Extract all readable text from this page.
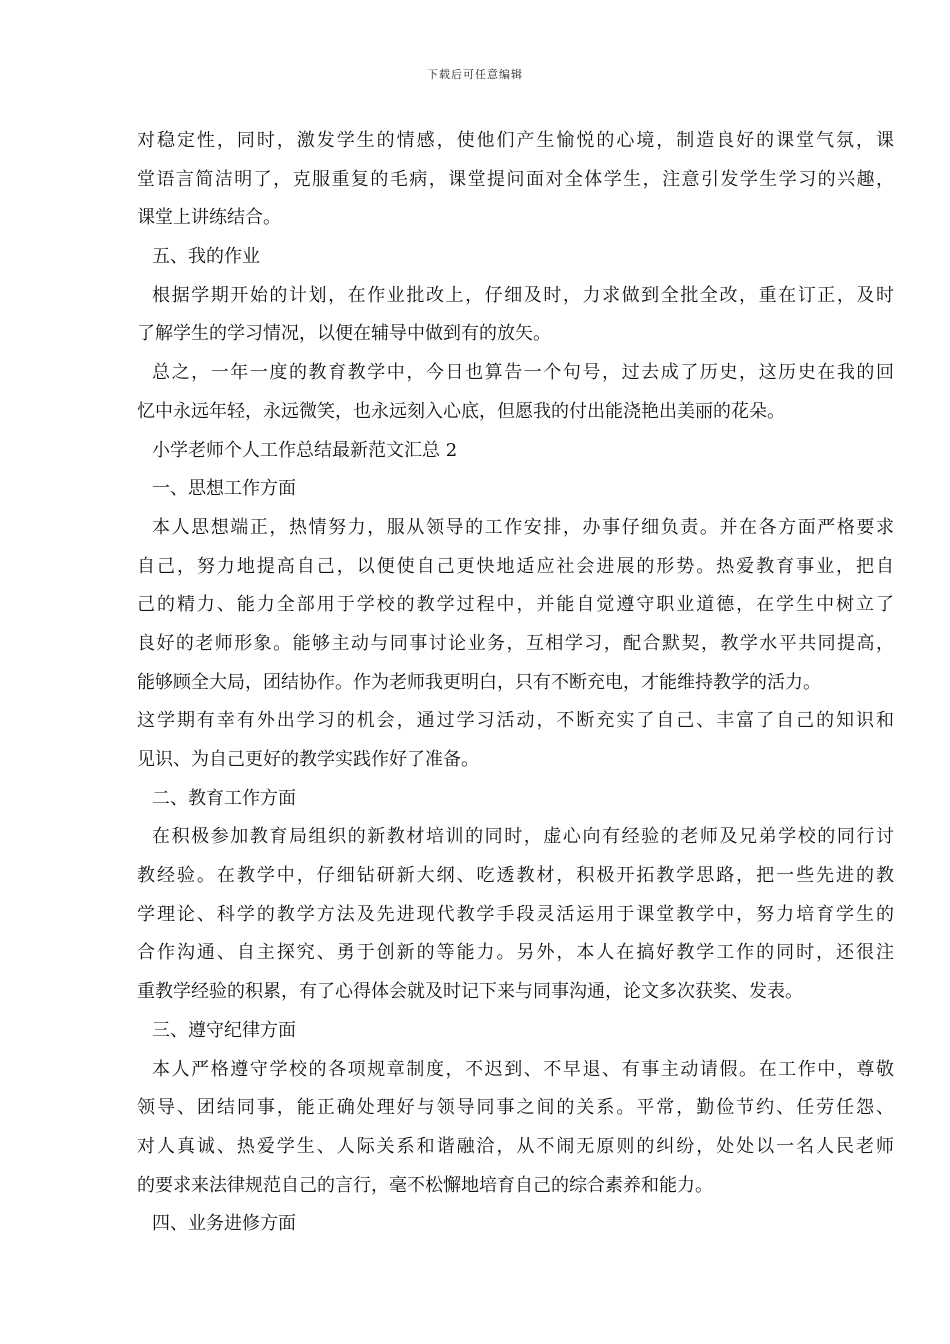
下载后可任意编辑
对稳定性，同时，激发学生的情感，使他们产生愉悦的心境，制造良好的课堂气氛，课
堂语言简洁明了，克服重复的毛病，课堂提问面对全体学生，注意引发学生学习的兴趣，
课堂上讲练结合。
五、我的作业
根据学期开始的计划，在作业批改上，仔细及时，力求做到全批全改，重在订正，及时
了解学生的学习情况，以便在辅导中做到有的放矢。
总之，一年一度的教育教学中，今日也算告一个句号，过去成了历史，这历史在我的回
忆中永远年轻，永远微笑，也永远刻入心底，但愿我的付出能浇艳出美丽的花朵。
小学老师个人工作总结最新范文汇总 2
一、思想工作方面
本人思想端正，热情努力，服从领导的工作安排，办事仔细负责。并在各方面严格要求
自己，努力地提高自己，以便使自己更快地适应社会进展的形势。热爱教育事业，把自
己的精力、能力全部用于学校的教学过程中，并能自觉遵守职业道德，在学生中树立了
良好的老师形象。能够主动与同事讨论业务，互相学习，配合默契，教学水平共同提高，
能够顾全大局，团结协作。作为老师我更明白，只有不断充电，才能维持教学的活力。
这学期有幸有外出学习的机会，通过学习活动，不断充实了自己、丰富了自己的知识和
见识、为自己更好的教学实践作好了准备。
二、教育工作方面
在积极参加教育局组织的新教材培训的同时，虚心向有经验的老师及兄弟学校的同行讨
教经验。在教学中，仔细钻研新大纲、吃透教材，积极开拓教学思路，把一些先进的教
学理论、科学的教学方法及先进现代教学手段灵活运用于课堂教学中，努力培育学生的
合作沟通、自主探究、勇于创新的等能力。另外，本人在搞好教学工作的同时，还很注
重教学经验的积累，有了心得体会就及时记下来与同事沟通，论文多次获奖、发表。
三、遵守纪律方面
本人严格遵守学校的各项规章制度，不迟到、不早退、有事主动请假。在工作中，尊敬
领导、团结同事，能正确处理好与领导同事之间的关系。平常，勤俭节约、任劳任怨、
对人真诚、热爱学生、人际关系和谐融洽，从不闹无原则的纠纷，处处以一名人民老师
的要求来法律规范自己的言行，毫不松懈地培育自己的综合素养和能力。
四、业务进修方面
